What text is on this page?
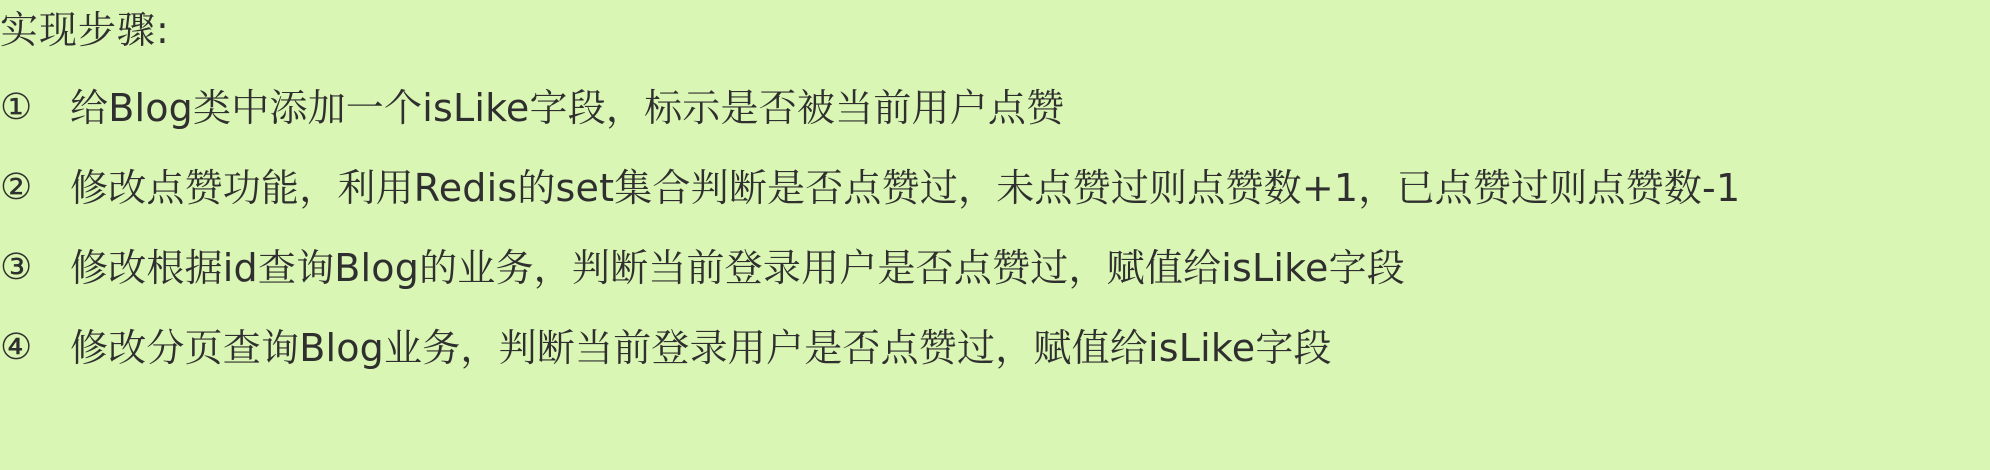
实现步骤:
① 给Blog类中添加一个isLike字段，标示是否被当前用户点赞
② 修改点赞功能，利用Redis的set集合判断是否点赞过，未点赞过则点赞数+1，已点赞过则点赞数-1
③ 修改根据id查询Blog的业务，判断当前登录用户是否点赞过，赋值给isLike字段
④ 修改分页查询Blog业务，判断当前登录用户是否点赞过，赋值给isLike字段
